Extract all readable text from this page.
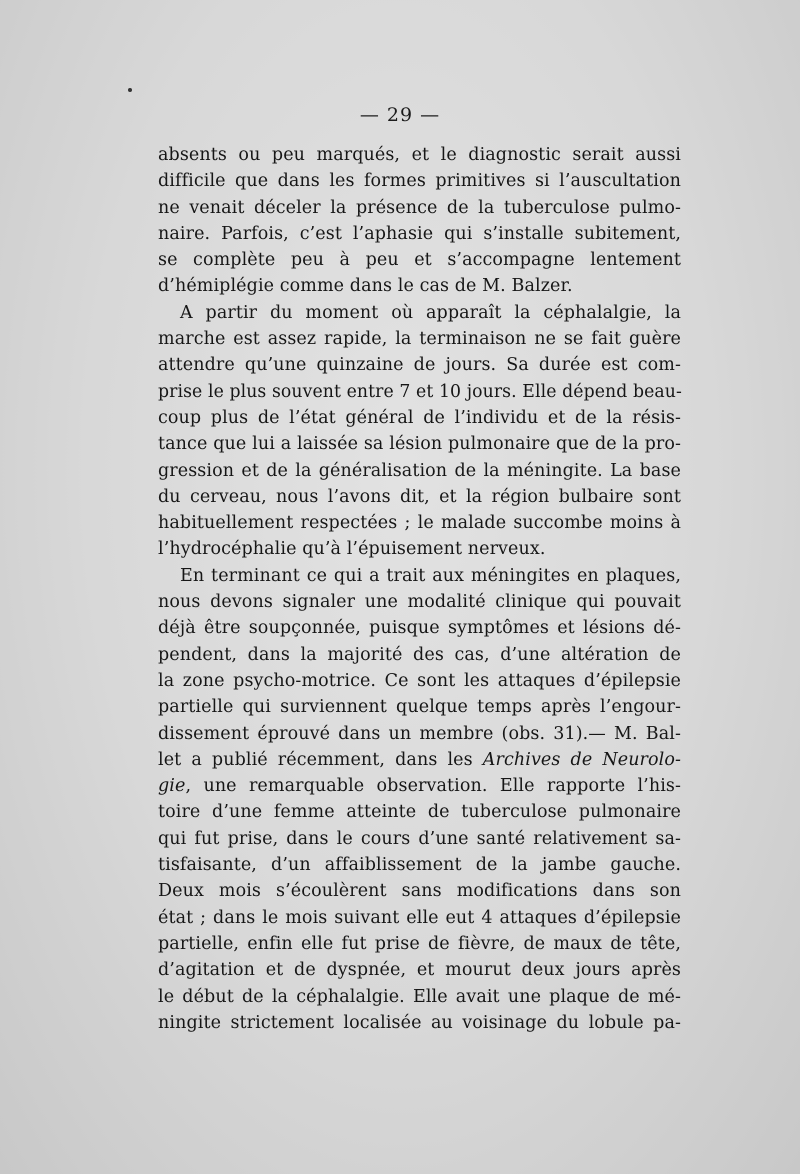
— 29 —
absents ou peu marqués, et le diagnostic serait aussi
difficile que dans les formes primitives si l’auscultation
ne venait déceler la présence de la tuberculose pulmo-
naire. Parfois, c’est l’aphasie qui s’installe subitement,
se complète peu à peu et s’accompagne lentement
d’hémiplégie comme dans le cas de M. Balzer.
A partir du moment où apparaît la céphalalgie, la
marche est assez rapide, la terminaison ne se fait guère
attendre qu’une quinzaine de jours. Sa durée est com-
prise le plus souvent entre 7 et 10 jours. Elle dépend beau-
coup plus de l’état général de l’individu et de la résis-
tance que lui a laissée sa lésion pulmonaire que de la pro-
gression et de la généralisation de la méningite. La base
du cerveau, nous l’avons dit, et la région bulbaire sont
habituellement respectées ; le malade succombe moins à
l’hydrocéphalie qu’à l’épuisement nerveux.
En terminant ce qui a trait aux méningites en plaques,
nous devons signaler une modalité clinique qui pouvait
déjà être soupçonnée, puisque symptômes et lésions dé-
pendent, dans la majorité des cas, d’une altération de
la zone psycho-motrice. Ce sont les attaques d’épilepsie
partielle qui surviennent quelque temps après l’engour-
dissement éprouvé dans un membre (obs. 31).— M. Bal-
let a publié récemment, dans les Archives de Neurolo-
gie, une remarquable observation. Elle rapporte l’his-
toire d’une femme atteinte de tuberculose pulmonaire
qui fut prise, dans le cours d’une santé relativement sa-
tisfaisante, d’un affaiblissement de la jambe gauche.
Deux mois s’écoulèrent sans modifications dans son
état ; dans le mois suivant elle eut 4 attaques d’épilepsie
partielle, enfin elle fut prise de fièvre, de maux de tête,
d’agitation et de dyspnée, et mourut deux jours après
le début de la céphalalgie. Elle avait une plaque de mé-
ningite strictement localisée au voisinage du lobule pa-
